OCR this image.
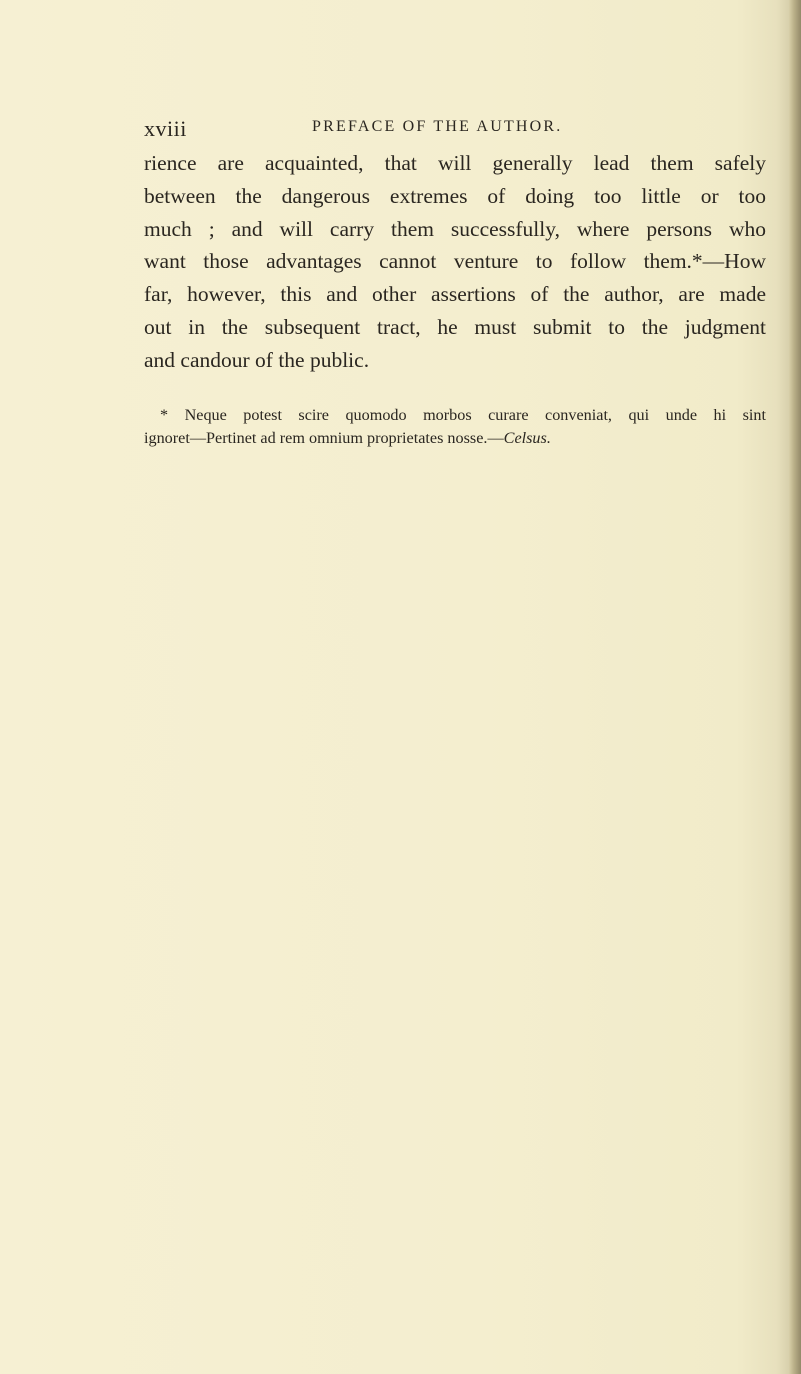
xviii	PREFACE OF THE AUTHOR.
rience are acquainted, that will generally lead them safely
between the dangerous extremes of doing too little or too
much ; and will carry them successfully, where persons who
want those advantages cannot venture to follow them.*—How
far, however, this and other assertions of the author, are made
out in the subsequent tract, he must submit to the judgment
and candour of the public.
* Neque potest scire quomodo morbos curare conveniat, qui unde hi sint
ignoret—Pertinet ad rem omnium proprietates nosse.—Celsus.
